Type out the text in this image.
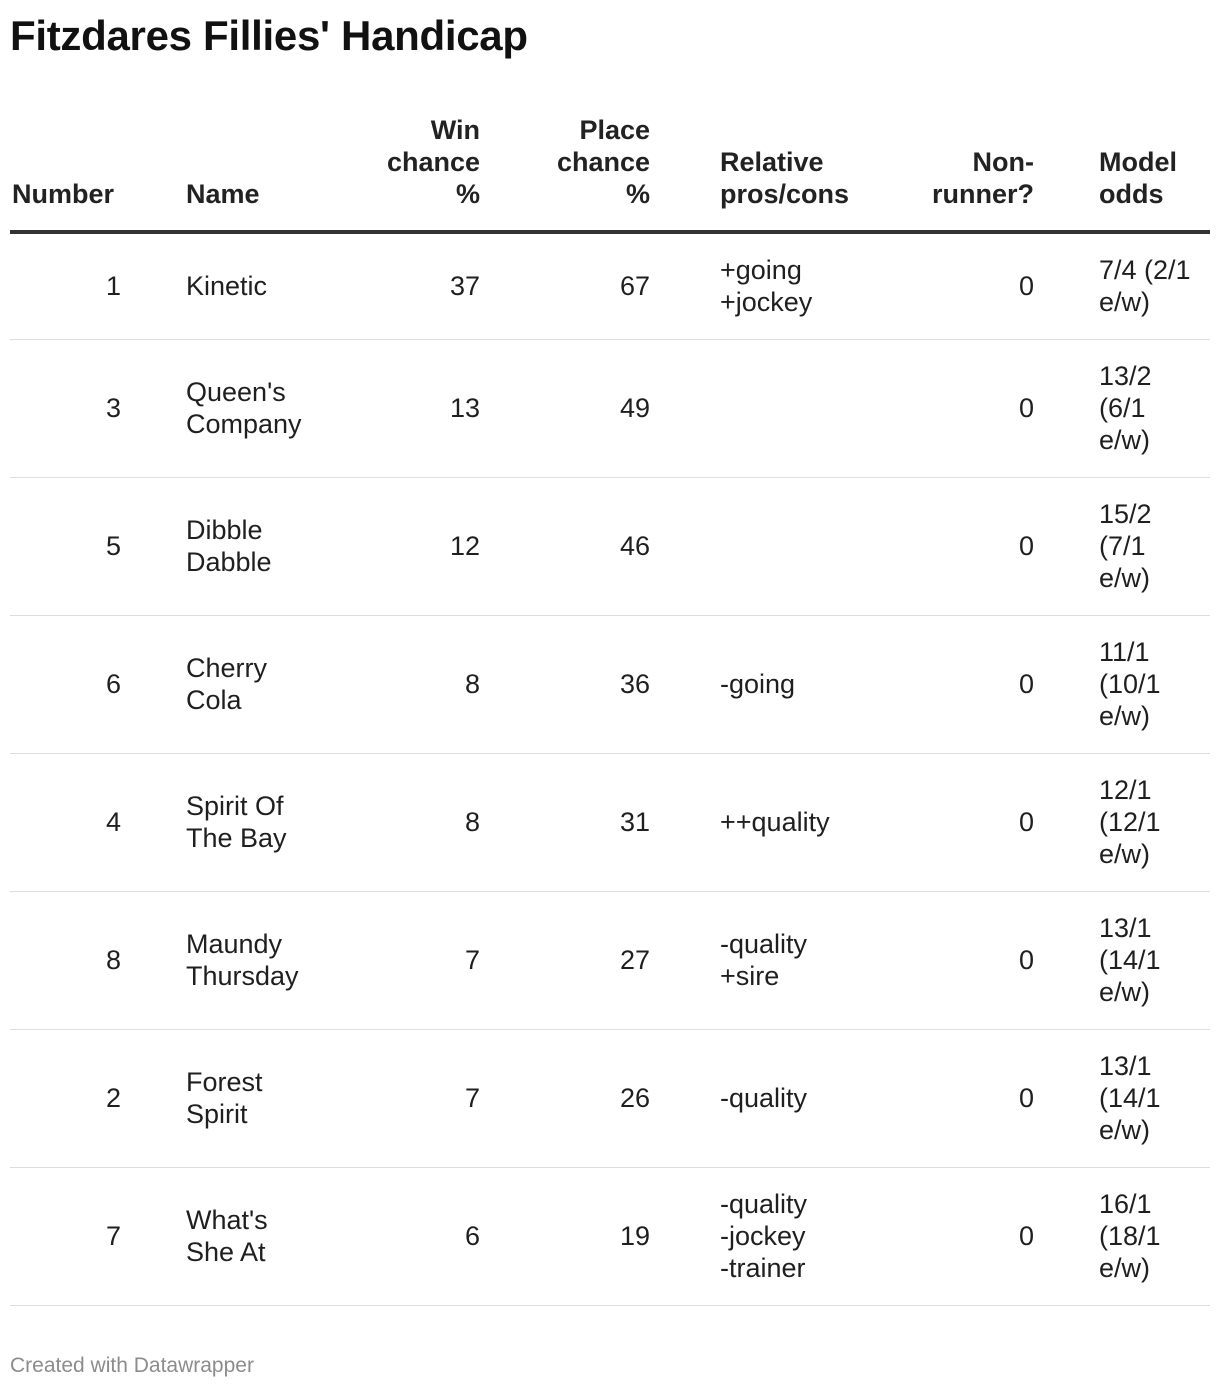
Fitzdares Fillies' Handicap
Number	Name	Win
chance
%	Place
chance
%	Relative
pros/cons	Non-
runner?	Model
odds
1	Kinetic	37	67	+going
+jockey	0	7/4 (2/1
e/w)
3	Queen's
Company	13	49		0	13/2
(6/1
e/w)
5	Dibble
Dabble	12	46		0	15/2
(7/1
e/w)
6	Cherry
Cola	8	36	-going	0	11/1
(10/1
e/w)
4	Spirit Of
The Bay	8	31	++quality	0	12/1
(12/1
e/w)
8	Maundy
Thursday	7	27	-quality
+sire	0	13/1
(14/1
e/w)
2	Forest
Spirit	7	26	-quality	0	13/1
(14/1
e/w)
7	What's
She At	6	19	-quality
-jockey
-trainer	0	16/1
(18/1
e/w)
Created with Datawrapper
